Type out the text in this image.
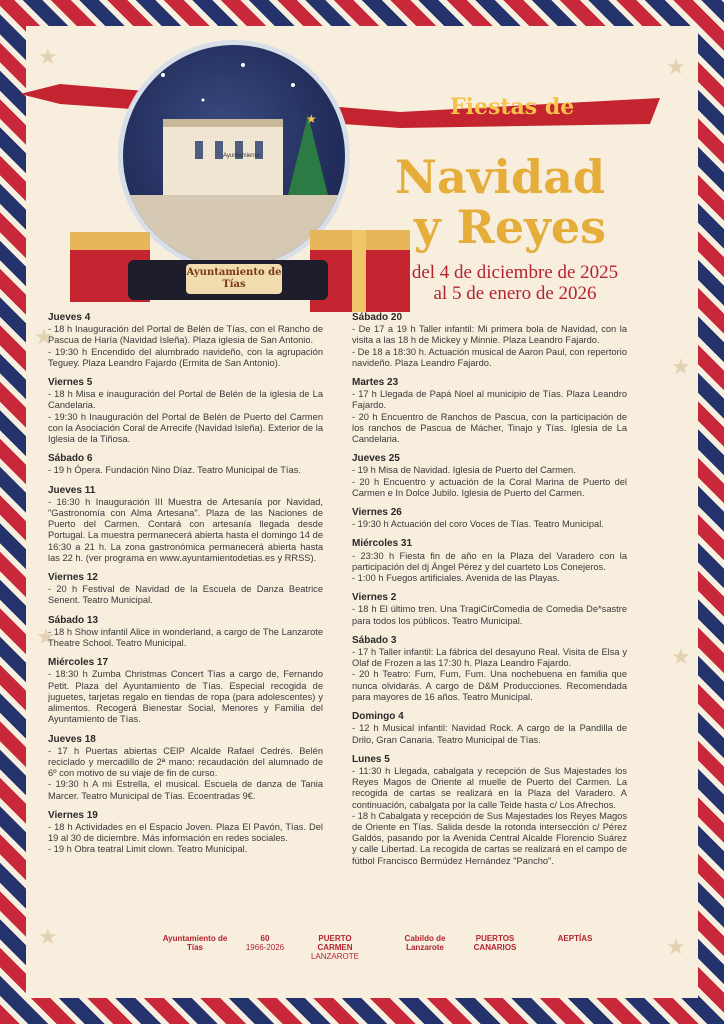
★	★
★
★
★
★
★	★
★
Ayuntamiento
Ayuntamiento de Tías
Fiestas de
Navidad
y Reyes
del 4 de diciembre de 2025
al 5 de enero de 2026
Jueves 4

- 18 h Inauguración del Portal de Belén de Tías, con el Rancho de Pascua de Haría (Navidad Isleña). Plaza iglesia de San Antonio.

- 19:30 h Encendido del alumbrado navideño, con la agrupación Teguey. Plaza Leandro Fajardo (Ermita de San Antonio).

Viernes 5

- 18 h Misa e inauguración del Portal de Belén de la iglesia de La Candelaria.

- 19:30 h Inauguración del Portal de Belén de Puerto del Carmen con la Asociación Coral de Arrecife (Navidad Isleña). Exterior de la Iglesia de la Tiñosa.

Sábado 6

- 19 h Ópera. Fundación Nino Díaz. Teatro Municipal de Tías.

Jueves 11

- 16:30 h Inauguración III Muestra de Artesanía por Navidad, "Gastronomía con Alma Artesana". Plaza de las Naciones de Puerto del Carmen. Contará con artesanía llegada desde Portugal. La muestra permanecerá abierta hasta el domingo 14 de 16:30 a 21 h. La zona gastronómica permanecerá abierta hasta las 22 h. (ver programa en www.ayuntamientodetias.es y RRSS).

Viernes 12

- 20 h Festival de Navidad de la Escuela de Danza Beatrice Senent. Teatro Municipal.

Sábado 13

- 18 h Show infantil Alice in wonderland, a cargo de The Lanzarote Theatre School. Teatro Municipal.

Miércoles 17

- 18:30 h Zumba Christmas Concert Tías a cargo de, Fernando Petit. Plaza del Ayuntamiento de Tías. Especial recogida de juguetes, tarjetas regalo en tiendas de ropa (para adolescentes) y alimentos. Recogerá Bienestar Social, Menores y Familia del Ayuntamiento de Tías.

Jueves 18

- 17 h Puertas abiertas CEIP Alcalde Rafael Cedrés. Belén reciclado y mercadillo de 2ª mano: recaudación del alumnado de 6º con motivo de su viaje de fin de curso.

- 19:30 h A mi Estrella, el musical. Escuela de danza de Tania Marcer. Teatro Municipal de Tías. Ecoentradas 9€.

Viernes 19

- 18 h Actividades en el Espacio Joven. Plaza El Pavón, Tías. Del 19 al 30 de diciembre. Más información en redes sociales.

- 19 h Obra teatral Limit clown. Teatro Municipal.

Sábado 20

- De 17 a 19 h Taller infantil: Mi primera bola de Navidad, con la visita a las 18 h de Mickey y Minnie. Plaza Leandro Fajardo.

- De 18 a 18:30 h. Actuación musical de Aaron Paul, con repertorio navideño. Plaza Leandro Fajardo.

Martes 23

- 17 h Llegada de Papá Noel al municipio de Tías. Plaza Leandro Fajardo.

- 20 h Encuentro de Ranchos de Pascua, con la participación de los ranchos de Pascua de Mácher, Tinajo y Tías. Iglesia de La Candelaria.

Jueves 25

- 19 h Misa de Navidad. Iglesia de Puerto del Carmen.

- 20 h Encuentro y actuación de la Coral Marina de Puerto del Carmen e In Dolce Jubilo. Iglesia de Puerto del Carmen.

Viernes 26

- 19:30 h Actuación del coro Voces de Tías. Teatro Municipal.

Miércoles 31

- 23:30 h Fiesta fin de año en la Plaza del Varadero con la participación del dj Ángel Pérez y del cuarteto Los Conejeros.

- 1:00 h Fuegos artificiales. Avenida de las Playas.

Viernes 2

- 18 h El último tren. Una TragiCirComedia de Comedia De*sastre para todos los públicos. Teatro Municipal.

Sábado 3

- 17 h Taller infantil: La fábrica del desayuno Real. Visita de Elsa y Olaf de Frozen a las 17:30 h. Plaza Leandro Fajardo.

- 20 h Teatro: Fum, Fum, Fum. Una nochebuena en familia que nunca olvidarás. A cargo de D&M Producciones. Recomendada para mayores de 16 años. Teatro Municipal.

Domingo 4

- 12 h Musical infantil: Navidad Rock. A cargo de la Pandilla de Drilo, Gran Canaria. Teatro Municipal de Tías.

Lunes 5

- 11:30 h Llegada, cabalgata y recepción de Sus Majestades los Reyes Magos de Oriente al muelle de Puerto del Carmen. La recogida de cartas se realizará en la Plaza del Varadero. A continuación, cabalgata por la calle Teide hasta c/ Los Afrechos.

- 18 h Cabalgata y recepción de Sus Majestades los Reyes Magos de Oriente en Tías. Salida desde la rotonda intersección c/ Pérez Galdós, pasando por la Avenida Central Alcalde Florencio Suárez y calle Libertad. La recogida de cartas se realizará en el campo de fútbol Francisco Bermúdez Hernández "Pancho".

Ayuntamiento de Tías
60
1966-2026
PUERTO CARMEN
LANZAROTE
Cabildo de Lanzarote
PUERTOS CANARIOS
AEPTÍAS
